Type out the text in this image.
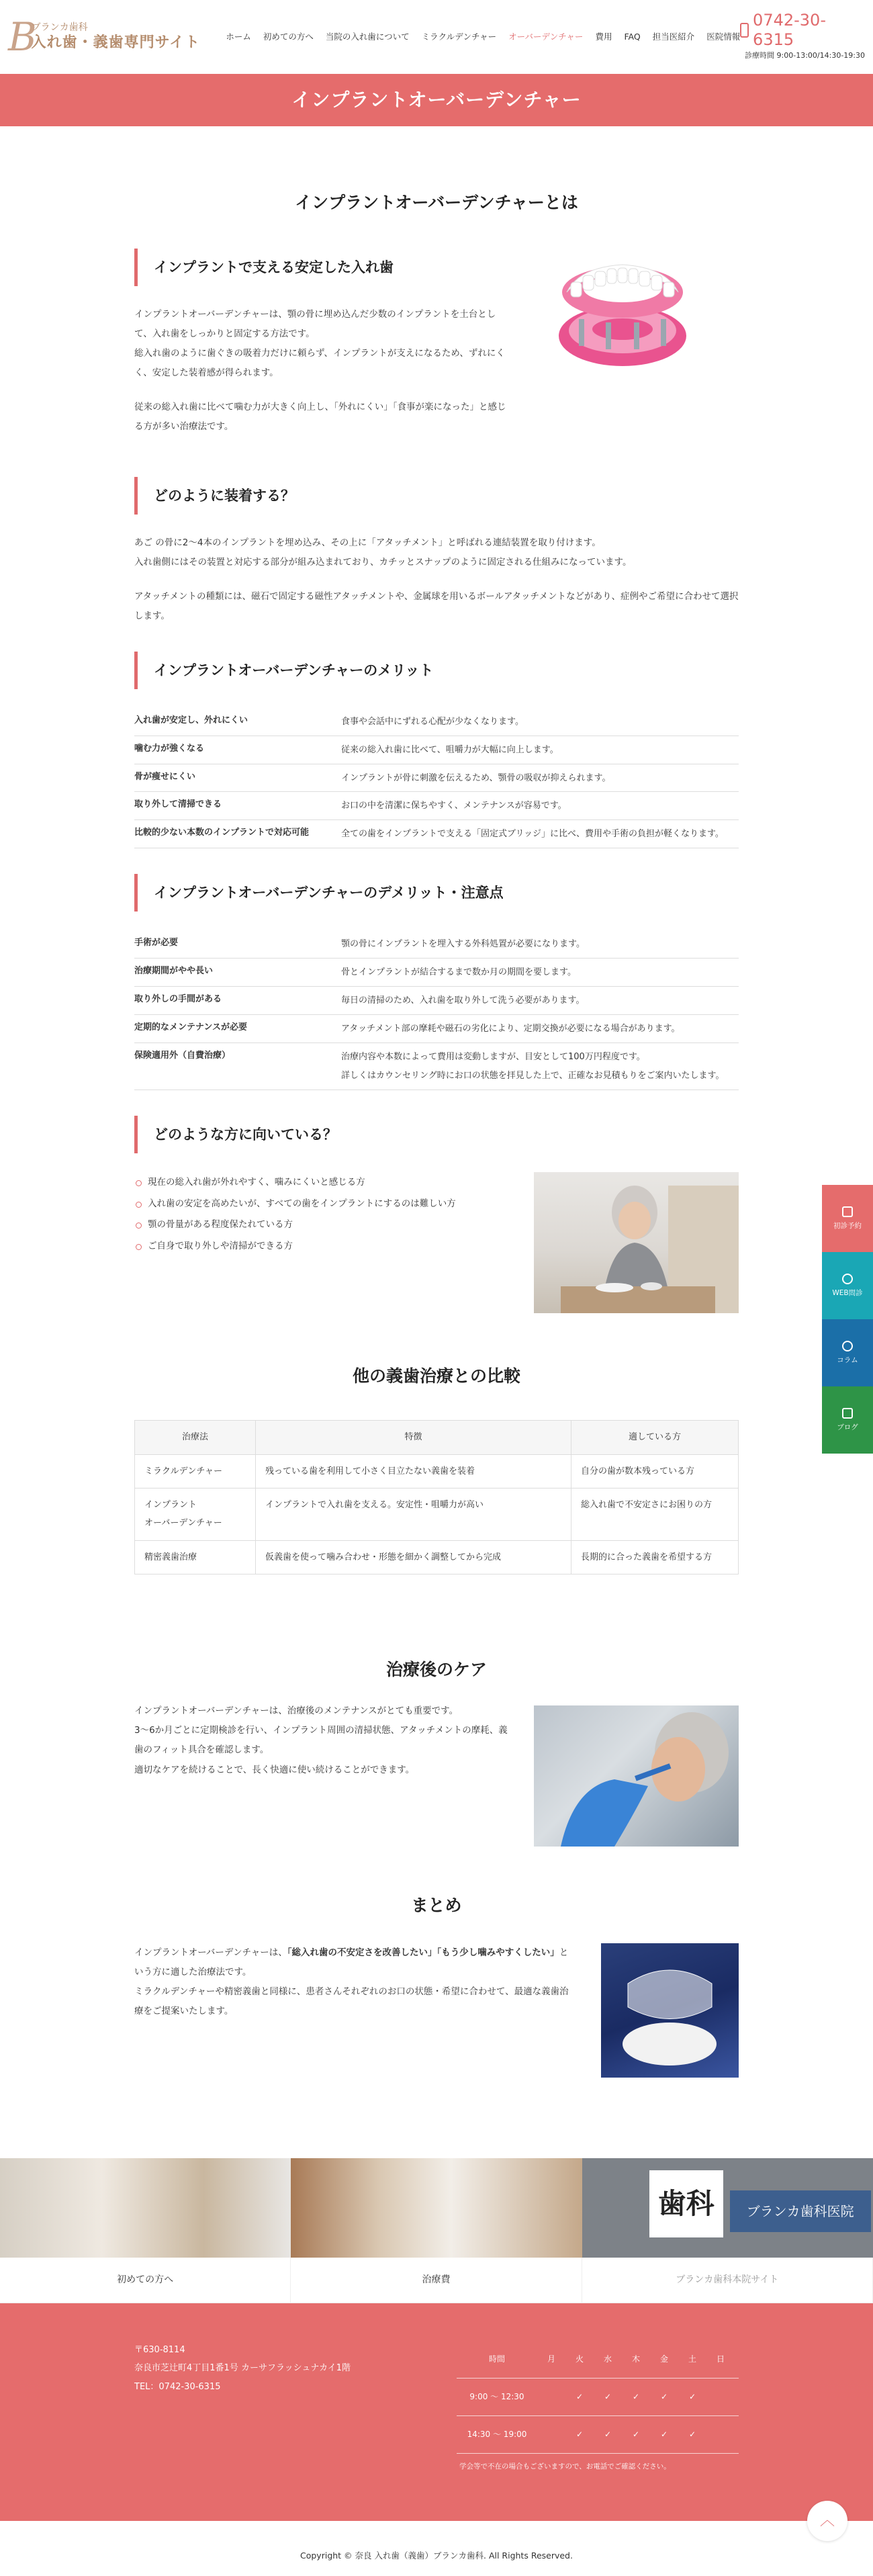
B
ブランカ歯科
入れ歯・義歯専門サイト	ホーム 初めての方へ 当院の入れ歯について ミラクルデンチャー オーバーデンチャー 費用 FAQ 担当医紹介 医院情報
0742-30-6315
診療時間 9:00-13:00/14:30-19:30
インプラントオーバーデンチャー
インプラントオーバーデンチャーとは
インプラントで支える安定した入れ歯

インプラントオーバーデンチャーは、顎の骨に埋め込んだ少数のインプラントを土台として、入れ歯をしっかりと固定する方法です。
総入れ歯のように歯ぐきの吸着力だけに頼らず、インプラントが支えになるため、ずれにくく、安定した装着感が得られます。

従来の総入れ歯に比べて噛む力が大きく向上し、「外れにくい」「食事が楽になった」と感じる方が多い治療法です。

どのように装着する？

あご の骨に2〜4本のインプラントを埋め込み、その上に「アタッチメント」と呼ばれる連結装置を取り付けます。
入れ歯側にはその装置と対応する部分が組み込まれており、カチッとスナップのように固定される仕組みになっています。

アタッチメントの種類には、磁石で固定する磁性アタッチメントや、金属球を用いるボールアタッチメントなどがあり、症例やご希望に合わせて選択します。

インプラントオーバーデンチャーのメリット
入れ歯が安定し、外れにくい	食事や会話中にずれる心配が少なくなります。
噛む力が強くなる	従来の総入れ歯に比べて、咀嚼力が大幅に向上します。
骨が痩せにくい	インプラントが骨に刺激を伝えるため、顎骨の吸収が抑えられます。
取り外して清掃できる	お口の中を清潔に保ちやすく、メンテナンスが容易です。
比較的少ない本数のインプラントで対応可能	全ての歯をインプラントで支える「固定式ブリッジ」に比べ、費用や手術の負担が軽くなります。
インプラントオーバーデンチャーのデメリット・注意点
手術が必要	顎の骨にインプラントを埋入する外科処置が必要になります。
治療期間がやや長い	骨とインプラントが結合するまで数か月の期間を要します。
取り外しの手間がある	毎日の清掃のため、入れ歯を取り外して洗う必要があります。
定期的なメンテナンスが必要	アタッチメント部の摩耗や磁石の劣化により、定期交換が必要になる場合があります。
保険適用外（自費治療）	治療内容や本数によって費用は変動しますが、目安として100万円程度です。
詳しくはカウンセリング時にお口の状態を拝見した上で、正確なお見積もりをご案内いたします。
どのような方に向いている？
現在の総入れ歯が外れやすく、噛みにくいと感じる方
入れ歯の安定を高めたいが、すべての歯をインプラントにするのは難しい方
顎の骨量がある程度保たれている方
ご自身で取り外しや清掃ができる方
他の義歯治療との比較
治療法	特徴	適している方
ミラクルデンチャー	残っている歯を利用して小さく目立たない義歯を装着	自分の歯が数本残っている方
インプラント
オーバーデンチャー	インプラントで入れ歯を支える。安定性・咀嚼力が高い	総入れ歯で不安定さにお困りの方
精密義歯治療	仮義歯を使って噛み合わせ・形態を細かく調整してから完成	長期的に合った義歯を希望する方
治療後のケア

インプラントオーバーデンチャーは、治療後のメンテナンスがとても重要です。
3〜6か月ごとに定期検診を行い、インプラント周囲の清掃状態、アタッチメントの摩耗、義歯のフィット具合を確認します。
適切なケアを続けることで、長く快適に使い続けることができます。

まとめ

インプラントオーバーデンチャーは、「総入れ歯の不安定さを改善したい」「もう少し噛みやすくしたい」という方に適した治療法です。
ミラクルデンチャーや精密義歯と同様に、患者さんそれぞれのお口の状態・希望に合わせて、最適な義歯治療をご提案いたします。

初めての方へ	治療費
歯科	ブランカ歯科医院
ブランカ歯科本院サイト
〒630-8114
奈良市芝辻町4丁目1番1号 カーサフラッシュナカイ1階
TEL：0742-30-6315
時間	月	火	水	木	金	土	日
9:00 ～ 12:30	✓	✓	✓	✓	✓
14:30 ～ 19:00	✓	✓	✓	✓	✓
学会等で不在の場合もございますので、お電話でご確認ください。
︿
Copyright © 奈良 入れ歯（義歯）ブランカ歯科. All Rights Reserved.
初診予約
WEB問診
コラム
ブログ
